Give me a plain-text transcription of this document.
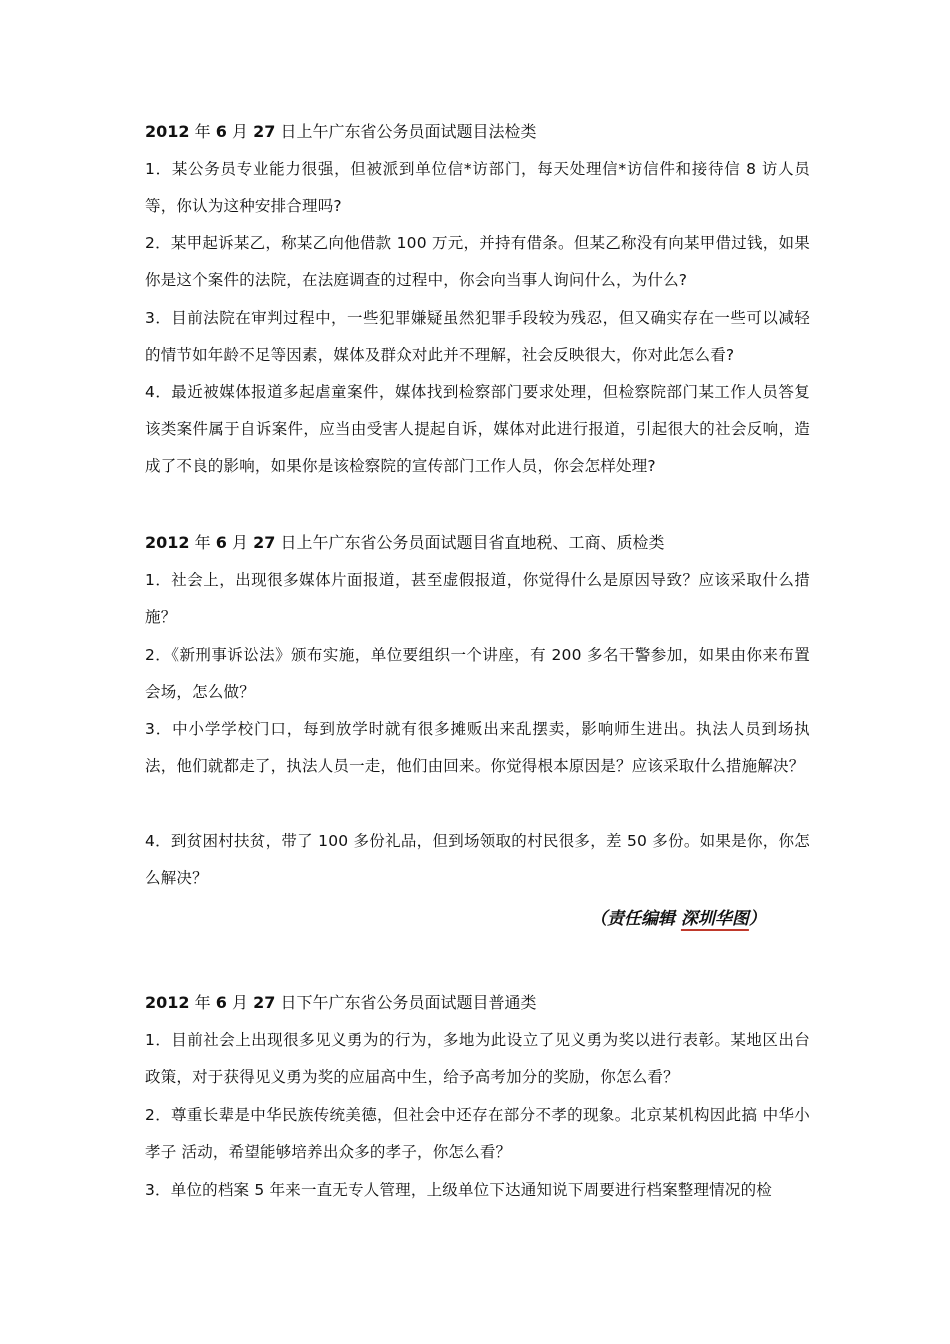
2012 年 6 月 27 日上午广东省公务员面试题目法检类
1．某公务员专业能力很强，但被派到单位信*访部门，每天处理信*访信件和接待信 8 访人员等，你认为这种安排合理吗?
2．某甲起诉某乙，称某乙向他借款 100 万元，并持有借条。但某乙称没有向某甲借过钱，如果你是这个案件的法院，在法庭调查的过程中，你会向当事人询问什么，为什么?
3．目前法院在审判过程中，一些犯罪嫌疑虽然犯罪手段较为残忍，但又确实存在一些可以减轻的情节如年龄不足等因素，媒体及群众对此并不理解，社会反映很大，你对此怎么看?
4．最近被媒体报道多起虐童案件，媒体找到检察部门要求处理，但检察院部门某工作人员答复该类案件属于自诉案件，应当由受害人提起自诉，媒体对此进行报道，引起很大的社会反响，造成了不良的影响，如果你是该检察院的宣传部门工作人员，你会怎样处理?
2012 年 6 月 27 日上午广东省公务员面试题目省直地税、工商、质检类
1．社会上，出现很多媒体片面报道，甚至虚假报道，你觉得什么是原因导致？应该采取什么措施？
2．《新刑事诉讼法》颁布实施，单位要组织一个讲座，有 200 多名干警参加，如果由你来布置会场，怎么做？
3．中小学学校门口，每到放学时就有很多摊贩出来乱摆卖，影响师生进出。执法人员到场执法，他们就都走了，执法人员一走，他们由回来。你觉得根本原因是？应该采取什么措施解决？
4．到贫困村扶贫，带了 100 多份礼品，但到场领取的村民很多，差 50 多份。如果是你，你怎么解决？
（责任编辑 深圳华图）
2012 年 6 月 27 日下午广东省公务员面试题目普通类
1．目前社会上出现很多见义勇为的行为，多地为此设立了见义勇为奖以进行表彰。某地区出台政策，对于获得见义勇为奖的应届高中生，给予高考加分的奖励，你怎么看？
2．尊重长辈是中华民族传统美德，但社会中还存在部分不孝的现象。北京某机构因此搞 中华小孝子 活动，希望能够培养出众多的孝子，你怎么看？
3．单位的档案 5 年来一直无专人管理，上级单位下达通知说下周要进行档案整理情况的检
